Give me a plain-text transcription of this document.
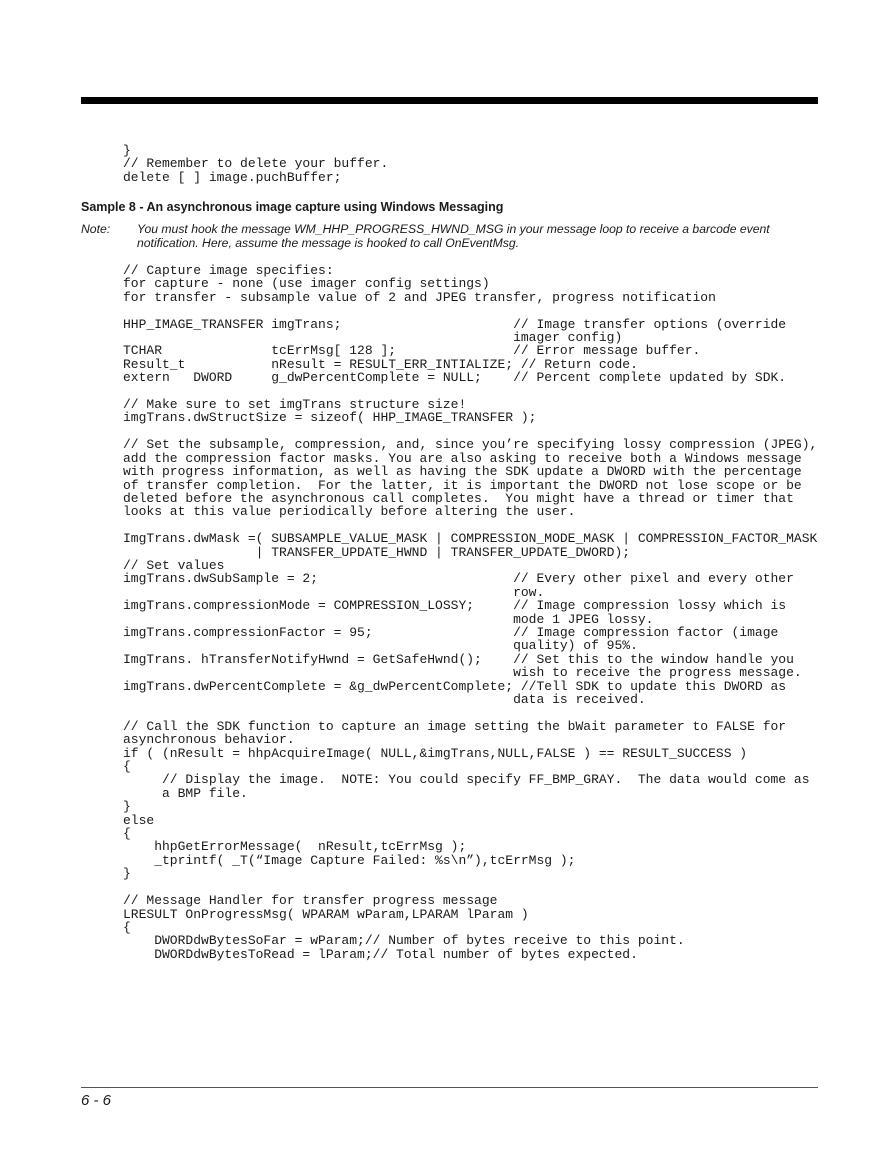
}
// Remember to delete your buffer.
delete [ ] image.puchBuffer;
Sample 8 - An asynchronous image capture using Windows Messaging
Note: You must hook the message WM_HHP_PROGRESS_HWND_MSG in your message loop to receive a barcode event notification. Here, assume the message is hooked to call OnEventMsg.
// Capture image specifies:
for capture - none (use imager config settings)
for transfer - subsample value of 2 and JPEG transfer, progress notification

HHP_IMAGE_TRANSFER imgTrans;                      // Image transfer options (override
imager config)
TCHAR              tcErrMsg[ 128 ];               // Error message buffer.
Result_t           nResult = RESULT_ERR_INTIALIZE; // Return code.
extern   DWORD     g_dwPercentComplete = NULL;    // Percent complete updated by SDK.

// Make sure to set imgTrans structure size!
imgTrans.dwStructSize = sizeof( HHP_IMAGE_TRANSFER );

// Set the subsample, compression, and, since you’re specifying lossy compression (JPEG),
add the compression factor masks. You are also asking to receive both a Windows message
with progress information, as well as having the SDK update a DWORD with the percentage
of transfer completion.  For the latter, it is important the DWORD not lose scope or be
deleted before the asynchronous call completes.  You might have a thread or timer that
looks at this value periodically before altering the user.

ImgTrans.dwMask =( SUBSAMPLE_VALUE_MASK | COMPRESSION_MODE_MASK | COMPRESSION_FACTOR_MASK
| TRANSFER_UPDATE_HWND | TRANSFER_UPDATE_DWORD);
// Set values
imgTrans.dwSubSample = 2;                         // Every other pixel and every other
row.
imgTrans.compressionMode = COMPRESSION_LOSSY;     // Image compression lossy which is
mode 1 JPEG lossy.
imgTrans.compressionFactor = 95;                  // Image compression factor (image
quality) of 95%.
ImgTrans. hTransferNotifyHwnd = GetSafeHwnd();    // Set this to the window handle you
wish to receive the progress message.
imgTrans.dwPercentComplete = &g_dwPercentComplete; //Tell SDK to update this DWORD as
data is received.

// Call the SDK function to capture an image setting the bWait parameter to FALSE for
asynchronous behavior.
if ( (nResult = hhpAcquireImage( NULL,&imgTrans,NULL,FALSE ) == RESULT_SUCCESS )
{
// Display the image.  NOTE: You could specify FF_BMP_GRAY.  The data would come as
a BMP file.
}
else
{
hhpGetErrorMessage(  nResult,tcErrMsg );
_tprintf( _T(“Image Capture Failed: %s\n”),tcErrMsg );
}

// Message Handler for transfer progress message
LRESULT OnProgressMsg( WPARAM wParam,LPARAM lParam )
{
DWORDdwBytesSoFar = wParam;// Number of bytes receive to this point.
DWORDdwBytesToRead = lParam;// Total number of bytes expected.
6 - 6
